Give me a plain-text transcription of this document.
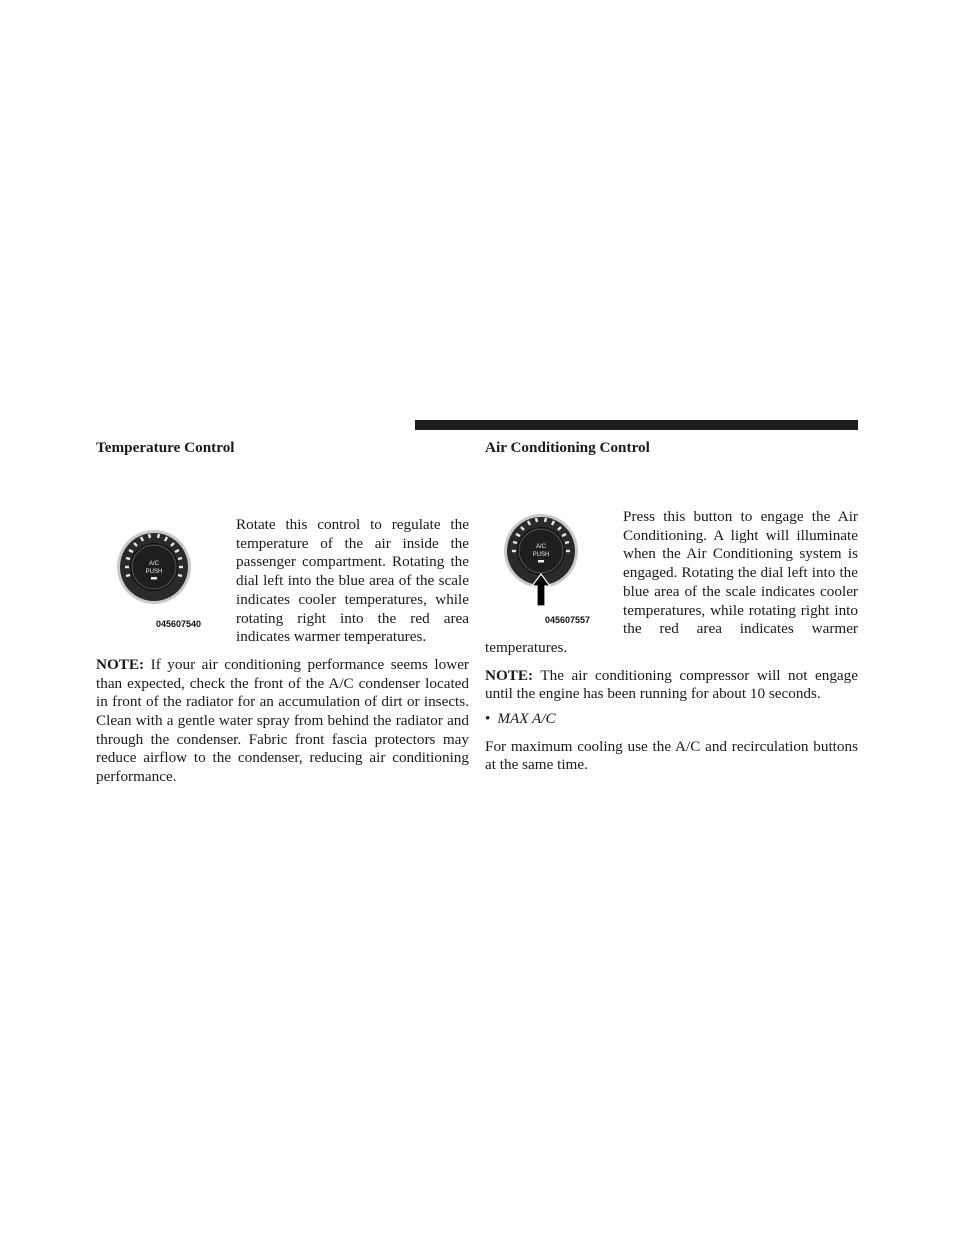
Temperature Control
A/C
PUSH
045607540

Rotate this control to regulate the temperature of the air inside the passenger compartment. Rotating the dial left into the blue area of the scale indicates cooler temperatures, while rotating right into the red area indicates warmer temperatures.

NOTE: If your air conditioning performance seems lower than expected, check the front of the A/C condenser located in front of the radiator for an accumulation of dirt or insects. Clean with a gentle water spray from behind the radiator and through the condenser. Fabric front fascia protectors may reduce airflow to the condenser, reducing air conditioning performance.

Air Conditioning Control
A/C
PUSH
045607557

Press this button to engage the Air Conditioning. A light will illuminate when the Air Conditioning system is engaged. Rotating the dial left into the blue area of the scale indicates cooler temperatures, while rotating right into the red area indicates warmer temperatures.

NOTE: The air conditioning compressor will not engage until the engine has been running for about 10 seconds.

• MAX A/C

For maximum cooling use the A/C and recirculation buttons at the same time.
